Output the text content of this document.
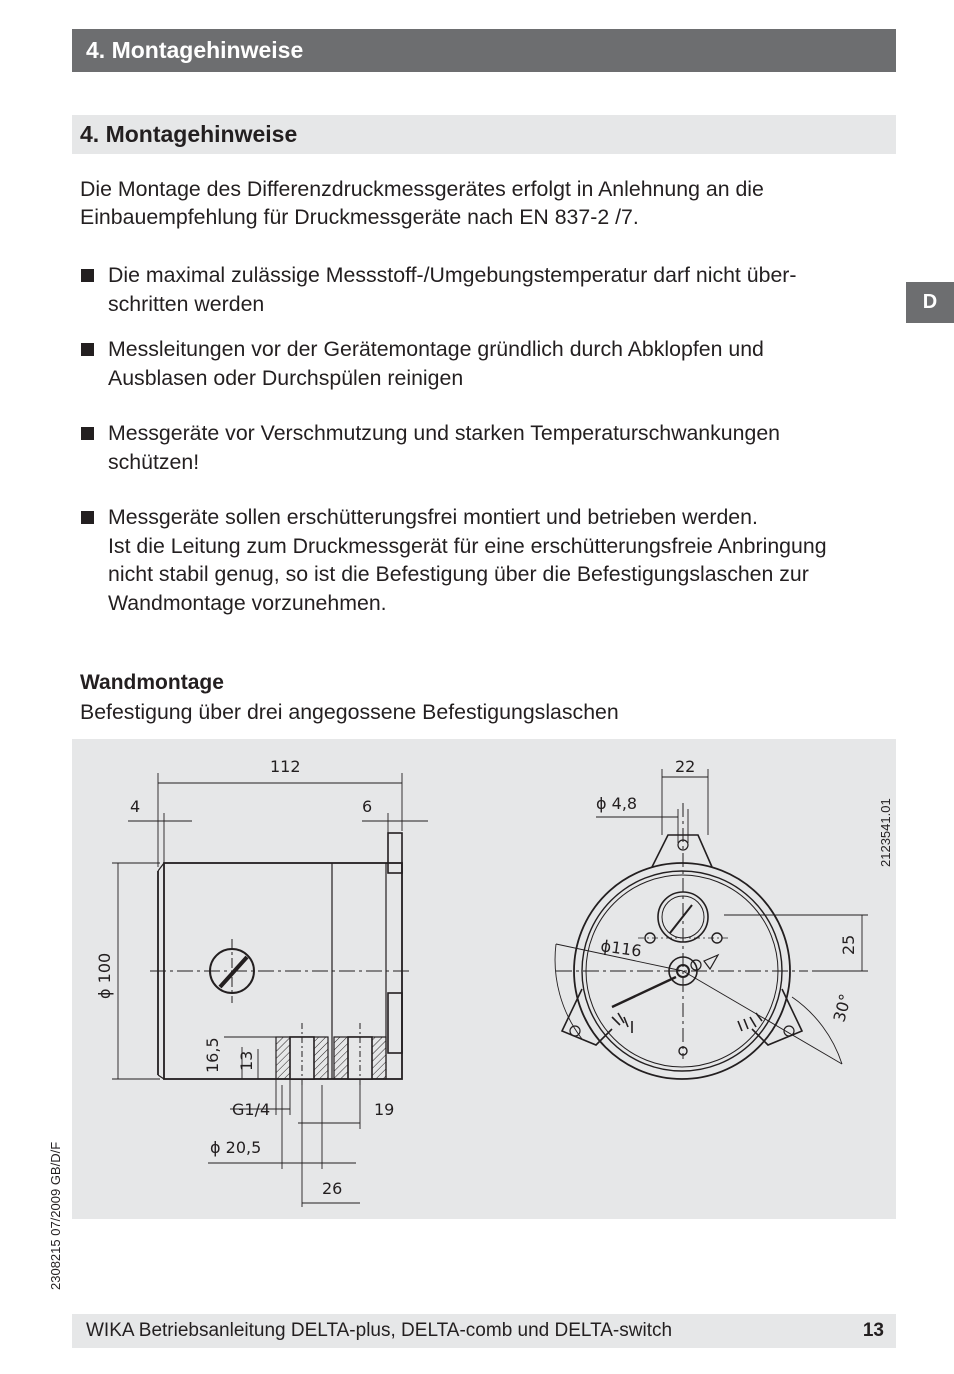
4. Montagehinweise
4. Montagehinweise
D

Die Montage des Differenzdruckmessgerätes erfolgt in Anlehnung an die

Einbauempfehlung für Druckmessgeräte nach EN 837-2 /7.

Die maximal zulässige Messstoff-/Umgebungstemperatur darf nicht über-
schritten werden
Messleitungen vor der Gerätemontage gründlich durch Abklopfen und
Ausblasen oder Durchspülen reinigen
Messgeräte vor Verschmutzung und starken Temperaturschwankungen
schützen!
Messgeräte sollen erschütterungsfrei montiert und betrieben werden.
Ist die Leitung zum Druckmessgerät für eine erschütterungsfreie Anbringung
nicht stabil genug, so ist die Befestigung über die Befestigungslaschen zur
Wandmontage vorzunehmen.
Wandmontage
Befestigung über drei angegossene Befestigungslaschen
112
4	6
ϕ 100
16,5 13
G1/4	19
ϕ 20,5
26
22
ϕ 4,8
ϕ116	25
30°
2123541.01
2308215 07/2009 GB/D/F
WIKA Betriebsanleitung DELTA-plus, DELTA-comb und DELTA-switch	13
